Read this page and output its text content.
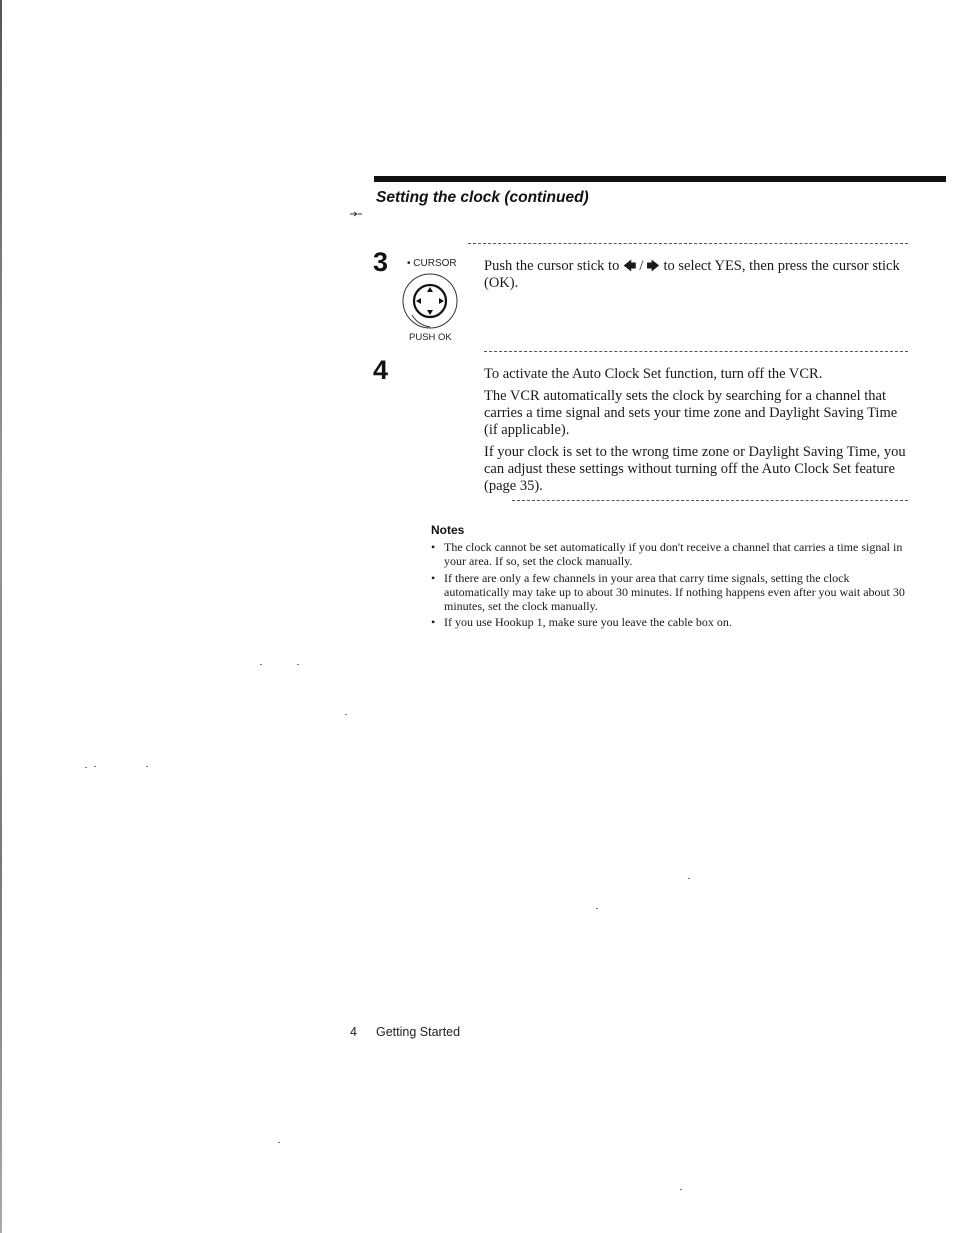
Setting the clock (continued)
3 • CURSOR
PUSH OK
Push the cursor stick to 🡄 / 🡆 to select YES, then press the cursor stick (OK).
4	To activate the Auto Clock Set function, turn off the VCR.
The VCR automatically sets the clock by searching for a channel that carries a time signal and sets your time zone and Daylight Saving Time (if applicable).
If your clock is set to the wrong time zone or Daylight Saving Time, you can adjust these settings without turning off the Auto Clock Set feature (page 35).
Notes
• The clock cannot be set automatically if you don't receive a channel that carries a time signal in your area. If so, set the clock manually.
• If there are only a few channels in your area that carry time signals, setting the clock automatically may take up to about 30 minutes. If nothing happens even after you wait about 30 minutes, set the clock manually.
• If you use Hookup 1, make sure you leave the cable box on.
4 Getting Started
